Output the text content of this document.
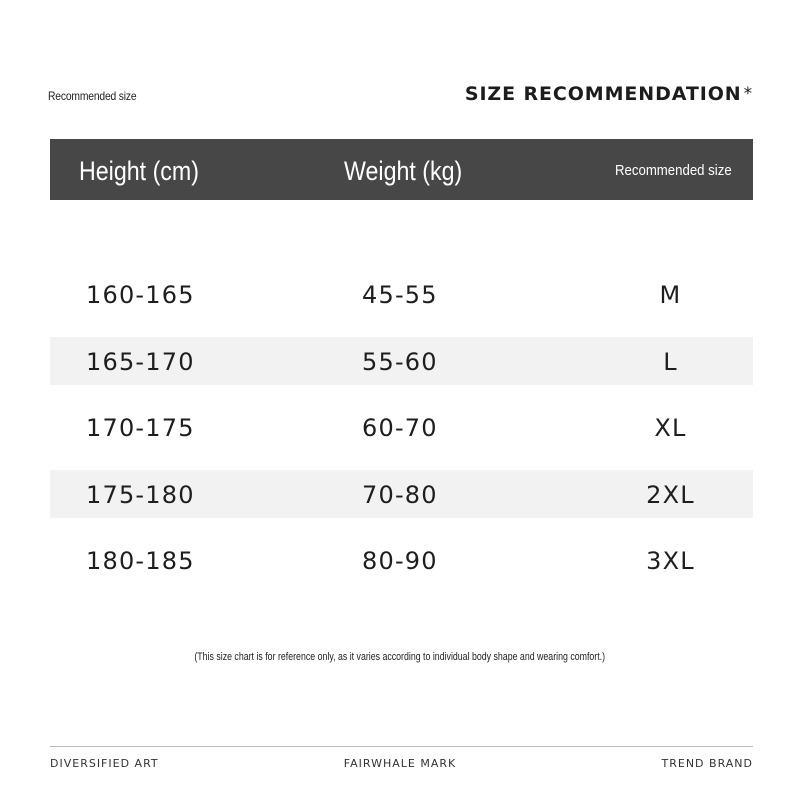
Recommended size	SIZE RECOMMENDATION *
Height (cm)	Weight (kg)	Recommended size
160-165	45-55	M
165-170	55-60	L
170-175	60-70	XL
175-180	70-80	2XL
180-185	80-90	3XL
(This size chart is for reference only, as it varies according to individual body shape and wearing comfort.)
DIVERSIFIED ART	FAIRWHALE MARK	TREND BRAND
